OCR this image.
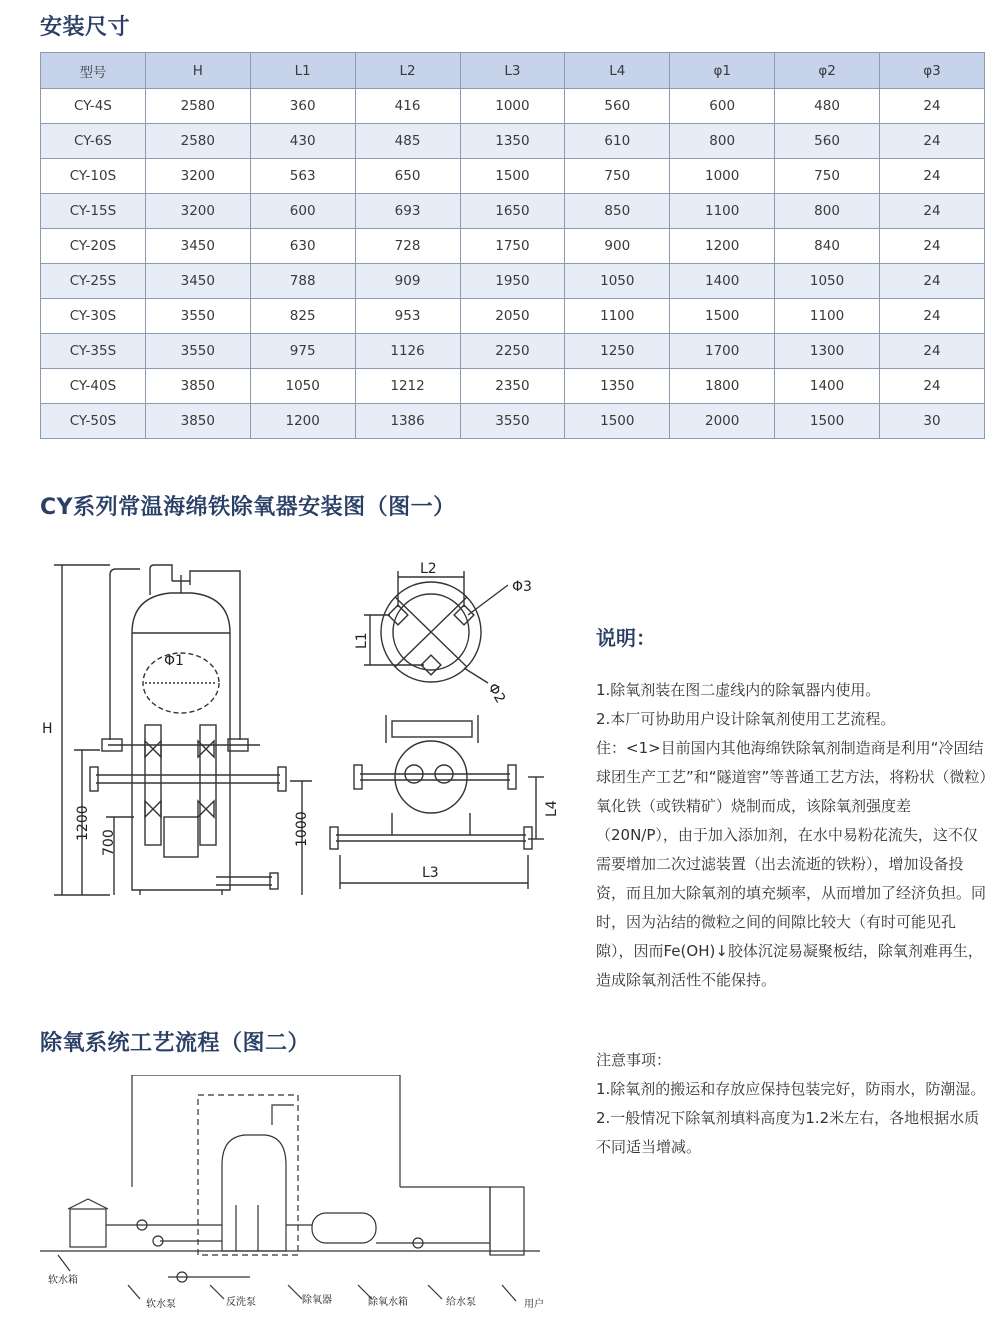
安装尺寸
型号	H	L1	L2	L3	L4	φ1	φ2	φ3
CY-4S	2580	360	416	1000	560	600	480	24
CY-6S	2580	430	485	1350	610	800	560	24
CY-10S	3200	563	650	1500	750	1000	750	24
CY-15S	3200	600	693	1650	850	1100	800	24
CY-20S	3450	630	728	1750	900	1200	840	24
CY-25S	3450	788	909	1950	1050	1400	1050	24
CY-30S	3550	825	953	2050	1100	1500	1100	24
CY-35S	3550	975	1126	2250	1250	1700	1300	24
CY-40S	3850	1050	1212	2350	1350	1800	1400	24
CY-50S	3850	1200	1386	3550	1500	2000	1500	30
CY系列常温海绵铁除氧器安装图（图一）
H
Φ1
1200
700	1000
L2
Φ3
L1
Φ2
L4
L3
说明：

1.除氧剂装在图二虚线内的除氧器内使用。

2.本厂可协助用户设计除氧剂使用工艺流程。

住：<1>目前国内其他海绵铁除氧剂制造商是利用“冷固结球团生产工艺”和“隧道窖”等普通工艺方法，将粉状（微粒）氧化铁（或铁精矿）烧制而成，该除氧剂强度差（20N/P），由于加入添加剂，在水中易粉花流失，这不仅需要增加二次过滤装置（出去流逝的铁粉），增加设备投资，而且加大除氧剂的填充频率，从而增加了经济负担。同时，因为沾结的微粒之间的间隙比较大（有时可能见孔隙），因而Fe(OH)↓胶体沉淀易凝聚板结，除氧剂难再生，造成除氧剂活性不能保持。

注意事项：

1.除氧剂的搬运和存放应保持包装完好，防雨水，防潮湿。

2.一般情况下除氧剂填料高度为1.2米左右，各地根据水质不同适当增减。

除氧系统工艺流程（图二）
软水箱
软水泵	反洗泵	除氧器	除氧水箱	给水泵	用户
